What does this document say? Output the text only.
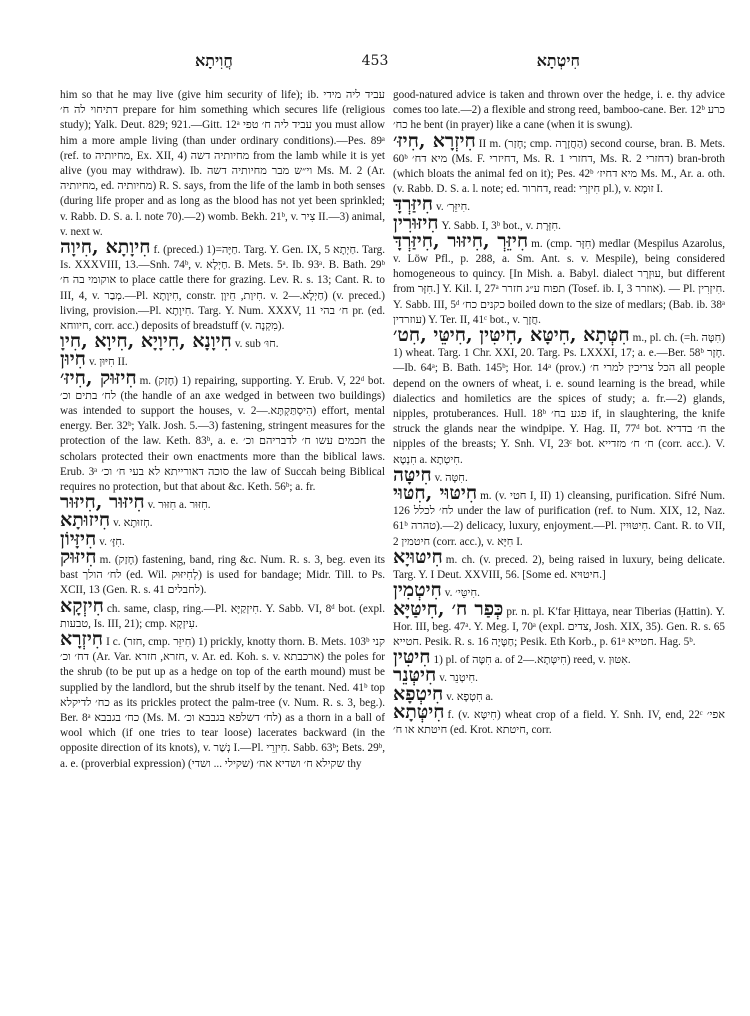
חֲוִיתָא	453	חִיטְתָא

him so that he may live (give him security of life); ib. עביד ליה מידי דתיחוי לה ח׳ prepare for him something which secures life (religious study); Yalk. Deut. 829; 921.—Gitt. 12ᵃ עביד ליה ח׳ טפי you must allow him a more ample living (than under ordinary conditions).—Pes. 89ᵃ (ref. to מחיותיה, Ex. XII, 4) מחיותיה דשה from the lamb while it is yet alive (you may withdraw). Ib. וי״ש מבר מחיותיה דשה Ms. M. 2 (Ar. מחיותיה, ed. מחיותיה) R. S. says, from the life of the lamb in both senses (during life proper and as long as the blood has not yet been sprinkled; v. Rabb. D. S. a. l. note 70).—2) womb. Bekh. 21ᵇ, v. צִיר II.—3) animal, v. next w.

חִיוָתָא ,חִיוָה f. (preced.) 1)=חַיָּה. Targ. Y. Gen. IX, 5 חַיְתָא. Targ. Is. XXXVIII, 13.—Snh. 74ᵇ, v. חַיְלָא. B. Mets. 5ᵃ. Ib. 93ᵃ. B. Bath. 29ᵇ אוקומי בה ח׳ to place cattle there for grazing. Lev. R. s. 13; Cant. R. to III, 4, v. מְבַר.—Pl. חִיוָתָא, constr. חִיוַת, חֵיוָן. v. חַיְלָא.—2) (v. preced.) living, provision.—Pl. חִיוָתָא. Targ. Y. Num. XXXV, 11 ח׳ בהי pr. (ed. חיווחא, corr. acc.) deposits of breadstuff (v. מִקְנָה).

חִיוָנָא ,חִיוָיָא ,חִיוָא ,חִיוָ v. sub חוּ׳.

חִיוּן v. חִיּוּן II.

חִיזּוּק ,חִיזּ׳ m. (חָזַק) 1) repairing, supporting. Y. Erub. V, 22ᵈ bot. לח׳ בתים וכ׳ (the handle of an axe wedged in between two buildings) was intended to support the houses, v. הִיסְתַּקְתָּא.—2) effort, mental energy. Ber. 32ᵇ; Yalk. Josh. 5.—3) fastening, stringent measures for the protection of the law. Keth. 83ᵇ, a. e. חכמים עשו ח׳ לדבריהם וכ׳ the scholars protected their own enactments more than the biblical laws. Erub. 3ᵃ סוכה דאורייתא לא בעי ח׳ וכ׳ the law of Succah being Biblical requires no protection, but that about &c. Keth. 56ᵇ; a. fr.

חִיזּוּר ,חִיזּוּר v. חִזּוּר a. חִזּוּר.

חִיזוּתָא v. חְזוּתָא.

חִיזָּיוֹן v. חִזָּ׳.

חִיזּוּק m. (חָזַק) fastening, band, ring &c. Num. R. s. 3, beg. even its bast לח׳ הולך (ed. Wil. לְחִיזּוּק) is used for bandage; Midr. Till. to Ps. XCII, 13 (Gen. R. s. 41 לחבלים).

חִיזְקָא ch. same, clasp, ring.—Pl. חִיזְקַיָּא. Y. Sabb. VI, 8ᵈ bot. (expl. טבעות, Is. III, 21); cmp. עִיזְקָא.

חִיזְרָא I c. (חזר, cmp. חִיזֵּר) 1) prickly, knotty thorn. B. Mets. 103ᵇ קני דח׳ וכ׳ (Ar. Var. חזרא, חזרא, v. Ar. ed. Koh. s. v. ארכבתא) the poles for the shrub (to be put up as a hedge on top of the earth mound) must be supplied by the landlord, but the shrub itself by the tenant. Ned. 41ᵇ top כח׳ לדיקלא as its prickles protect the palm-tree (v. Num. R. s. 3, beg.). Ber. 8ᵃ כח׳ בגבבא (Ms. M. לח׳ דשלפא בגבבא וכ׳) as a thorn in a ball of wool which (if one tries to tear loose) lacerates backward (in the opposite direction of its knots), v. נְשַׁר I.—Pl. חִיזְרֵי. Sabb. 63ᵇ; Bets. 29ᵇ, a. e. (proverbial expression) שקילא ח׳ ושדיא אח׳ (שקילי ... ושדי) thy

good-natured advice is taken and thrown over the hedge, i. e. thy advice comes too late.—2) a flexible and strong reed, bamboo-cane. Ber. 12ᵇ כרע כח׳ he bent (in prayer) like a cane (when it is swung).

חִיזְרָא ,חִיזּ׳ II m. (חָזַר; cmp. הַחֲזָרָה) second course, bran. B. Mets. 60ᵇ מיא דח׳ (Ms. F. דחיזרי, Ms. R. 1 דחזרי, Ms. R. 2 דחזרי) bran-broth (which bloats the animal fed on it); Pes. 42ᵇ מיא דחיז׳ Ms. M., Ar. a. oth. (v. Rabb. D. S. a. l. note; ed. דחרור, read: חִיזְרִי pl.), v. זוּמָא I.

חִיזַּרְדָּ v. חִיזֵּרְ׳.

חִיזּוּרִין Y. Sabb. I, 3ᵇ bot., v. חִזְּרָת.

חִיזֵּרְ ,חִיזּוּר ,חִיזַּרְדָּ m. (cmp. חִזָּר) medlar (Mespilus Azarolus, v. Löw Pfl., p. 288, a. Sm. Ant. s. v. Mespile), being considered homogeneous to quincy. [In Mish. a. Babyl. dialect עוּזְרָר, but different from חִזָּר.] Y. Kil. I, 27ᵃ תפוח ע״ג חזרר (Tosef. ib. I, 3 אוזרר). — Pl. חִיזְרִין. Y. Sabb. III, 5ᵈ כקנים כח׳ boiled down to the size of medlars; (Bab. ib. 38ᵃ עוזרדין) Y. Ter. II, 41ᶜ bot., v. חֲזָרְ.

חִטְּתָא ,חִיטָּא ,חִיטִּין ,חִיטֵּי ,חִט׳ m., pl. ch. (=h. חִטָּה) 1) wheat. Targ. 1 Chr. XXI, 20. Targ. Ps. LXXXI, 17; a. e.—Ber. 58ᵇ חָזָר.—Ib. 64ᵃ; B. Bath. 145ᵇ; Hor. 14ᵃ (prov.) הכל צריכין למרי ח׳ all people depend on the owners of wheat, i. e. sound learning is the bread, while dialectics and homiletics are the spices of study; a. fr.—2) glands, nipples, protuberances. Hull. 18ᵇ פגע בח׳ if, in slaughtering, the knife struck the glands near the windpipe. Y. Hag. II, 77ᵈ bot. ח׳ בדדיא the nipples of the breasts; Y. Snh. VI, 23ᶜ bot. ח׳ ח׳ מזדייא (corr. acc.). V. חִנְטָא a. חִיטְתָא.

חִיטָּה v. חִטָּה.

חִיטּוּי ,חִטּוּי m. (v. חטי I, II) 1) cleansing, purification. Sifré Num. 126 לח׳ לכלל under the law of purification (ref. to Num. XIX, 12, Naz. 61ᵇ טהרה).—2) delicacy, luxury, enjoyment.—Pl. חִיטּוּיִין. Cant. R. to VII, 2 חיטמין (corr. acc.), v. חִיָּא I.

חִיטּוּיָא m. ch. (v. preced. 2), being raised in luxury, being delicate. Targ. Y. I Deut. XXVIII, 56. [Some ed. חיטוּיא.]

חִיטְמִין v. חִיטֵּי׳.

כְּפַר ח׳ ,חִיטַּיָּא pr. n. pl. K'far Ḥittaya, near Tiberias (Ḥattin). Y. Hor. III, beg. 47ᵃ. Y. Meg. I, 70ᵃ (expl. צדים, Josh. XIX, 35). Gen. R. s. 65 חטייא. Pesik. R. s. 16 חַטָּיָה; Pesik. Eth Korb., p. 61ᵃ חטייא. Hag. 5ᵇ.

חִיטִּין 1) pl. of חִטָּה a. of חִיטְּתָא.—2) reed, v. אִטּוּן.

חִיטְּנֵר v. חִיטְנֵר.

חִיטְפָא v. חִטְפָא a.

חִיטְּתָא f. (v. חִיטָּא) wheat crop of a field. Y. Snh. IV, end, 22ᶜ אפי׳ חיטתא או ח׳ (ed. Krot. חיטתא, corr.
